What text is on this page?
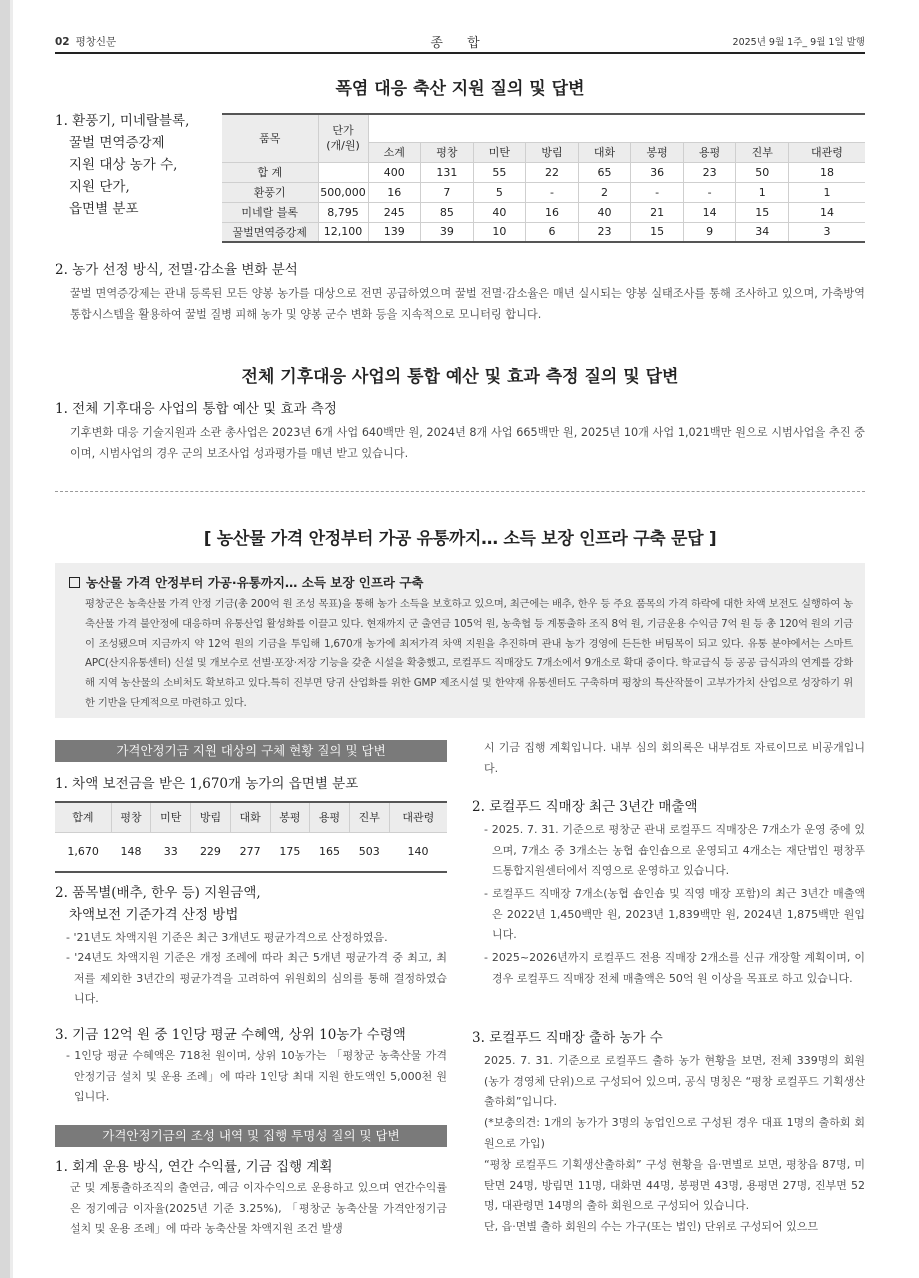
02 평창신문	종 합	2025년 9월 1주_ 9월 1일 발행
폭염 대응 축산 지원 질의 및 답변
1. 환풍기, 미네랄블록,
꿀벌 면역증강제
지원 대상 농가 수,
지원 단가,
읍면별 분포
품목	단가
(개/원)									
		소계	평창	미탄	방림	대화	봉평	용평	진부	대관령
합 계		400	131	55	22	65	36	23	50	18
환풍기	500,000	16	7	5	-	2	-	-	1	1
미네랄 블록	8,795	245	85	40	16	40	21	14	15	14
꿀벌면역증강제	12,100	139	39	10	6	23	15	9	34	3
2. 농가 선정 방식, 전멸·감소율 변화 분석
꿀벌 면역증강제는 관내 등록된 모든 양봉 농가를 대상으로 전면 공급하였으며 꿀벌 전멸·감소율은 매년 실시되는 양봉 실태조사를 통해 조사하고 있으며, 가축방역통합시스템을 활용하여 꿀벌 질병 피해 농가 및 양봉 군수 변화 등을 지속적으로 모니터링 합니다.
전체 기후대응 사업의 통합 예산 및 효과 측정 질의 및 답변
1. 전체 기후대응 사업의 통합 예산 및 효과 측정
기후변화 대응 기술지원과 소관 총사업은 2023년 6개 사업 640백만 원, 2024년 8개 사업 665백만 원, 2025년 10개 사업 1,021백만 원으로 시범사업을 추진 중이며, 시범사업의 경우 군의 보조사업 성과평가를 매년 받고 있습니다.
[ 농산물 가격 안정부터 가공 유통까지… 소득 보장 인프라 구축 문답 ]
농산물 가격 안정부터 가공·유통까지… 소득 보장 인프라 구축
평창군은 농축산물 가격 안정 기금(총 200억 원 조성 목표)을 통해 농가 소득을 보호하고 있으며, 최근에는 배추, 한우 등 주요 품목의 가격 하락에 대한 차액 보전도 실행하여 농축산물 가격 불안정에 대응하며 유통산업 활성화를 이끌고 있다. 현재까지 군 출연금 105억 원, 농축협 등 계통출하 조직 8억 원, 기금운용 수익금 7억 원 등 총 120억 원의 기금이 조성됐으며 지금까지 약 12억 원의 기금을 투입해 1,670개 농가에 최저가격 차액 지원을 추진하며 관내 농가 경영에 든든한 버팀목이 되고 있다. 유통 분야에서는 스마트 APC(산지유통센터) 신설 및 개보수로 선별·포장·저장 기능을 갖춘 시설을 확충했고, 로컬푸드 직매장도 7개소에서 9개소로 확대 중이다. 학교급식 등 공공 급식과의 연계를 강화해 지역 농산물의 소비처도 확보하고 있다.특히 진부면 당귀 산업화를 위한 GMP 제조시설 및 한약재 유통센터도 구축하며 평창의 특산작물이 고부가가치 산업으로 성장하기 위한 기반을 단계적으로 마련하고 있다.
가격안정기금 지원 대상의 구체 현황 질의 및 답변
1. 차액 보전금을 받은 1,670개 농가의 읍면별 분포
합계	평창	미탄	방림	대화	봉평	용평	진부	대관령
1,670	148	33	229	277	175	165	503	140
2. 품목별(배추, 한우 등) 지원금액,
차액보전 기준가격 산정 방법
- '21년도 차액지원 기준은 최근 3개년도 평균가격으로 산정하였음.
- '24년도 차액지원 기준은 개정 조례에 따라 최근 5개년 평균가격 중 최고, 최저를 제외한 3년간의 평균가격을 고려하여 위원회의 심의를 통해 결정하였습니다.
3. 기금 12억 원 중 1인당 평균 수혜액, 상위 10농가 수령액
- 1인당 평균 수혜액은 718천 원이며, 상위 10농가는 「평창군 농축산물 가격안정기금 설치 및 운용 조례」에 따라 1인당 최대 지원 한도액인 5,000천 원입니다.
가격안정기금의 조성 내역 및 집행 투명성 질의 및 답변
1. 회계 운용 방식, 연간 수익률, 기금 집행 계획
군 및 계통출하조직의 출연금, 예금 이자수익으로 운용하고 있으며 연간수익률은 정기예금 이자율(2025년 기준 3.25%), 「평창군 농축산물 가격안정기금 설치 및 운용 조례」에 따라 농축산물 차액지원 조건 발생
시 기금 집행 계획입니다. 내부 심의 회의록은 내부검토 자료이므로 비공개입니다.
2. 로컬푸드 직매장 최근 3년간 매출액
- 2025. 7. 31. 기준으로 평창군 관내 로컬푸드 직매장은 7개소가 운영 중에 있으며, 7개소 중 3개소는 농협 숍인숍으로 운영되고 4개소는 재단법인 평창푸드통합지원센터에서 직영으로 운영하고 있습니다.
- 로컬푸드 직매장 7개소(농협 숍인숍 및 직영 매장 포함)의 최근 3년간 매출액은 2022년 1,450백만 원, 2023년 1,839백만 원, 2024년 1,875백만 원입니다.
- 2025~2026년까지 로컬푸드 전용 직매장 2개소를 신규 개장할 계획이며, 이 경우 로컬푸드 직매장 전체 매출액은 50억 원 이상을 목표로 하고 있습니다.
3. 로컬푸드 직매장 출하 농가 수
2025. 7. 31. 기준으로 로컬푸드 출하 농가 현황을 보면, 전체 339명의 회원(농가 경영체 단위)으로 구성되어 있으며, 공식 명칭은 “평창 로컬푸드 기획생산출하회”입니다.
(*보충의견: 1개의 농가가 3명의 농업인으로 구성된 경우 대표 1명의 출하회 회원으로 가입)
“평창 로컬푸드 기획생산출하회” 구성 현황을 읍·면별로 보면, 평창읍 87명, 미탄면 24명, 방림면 11명, 대화면 44명, 봉평면 43명, 용평면 27명, 진부면 52명, 대관령면 14명의 출하 회원으로 구성되어 있습니다.
단, 읍·면별 출하 회원의 수는 가구(또는 법인) 단위로 구성되어 있으므
